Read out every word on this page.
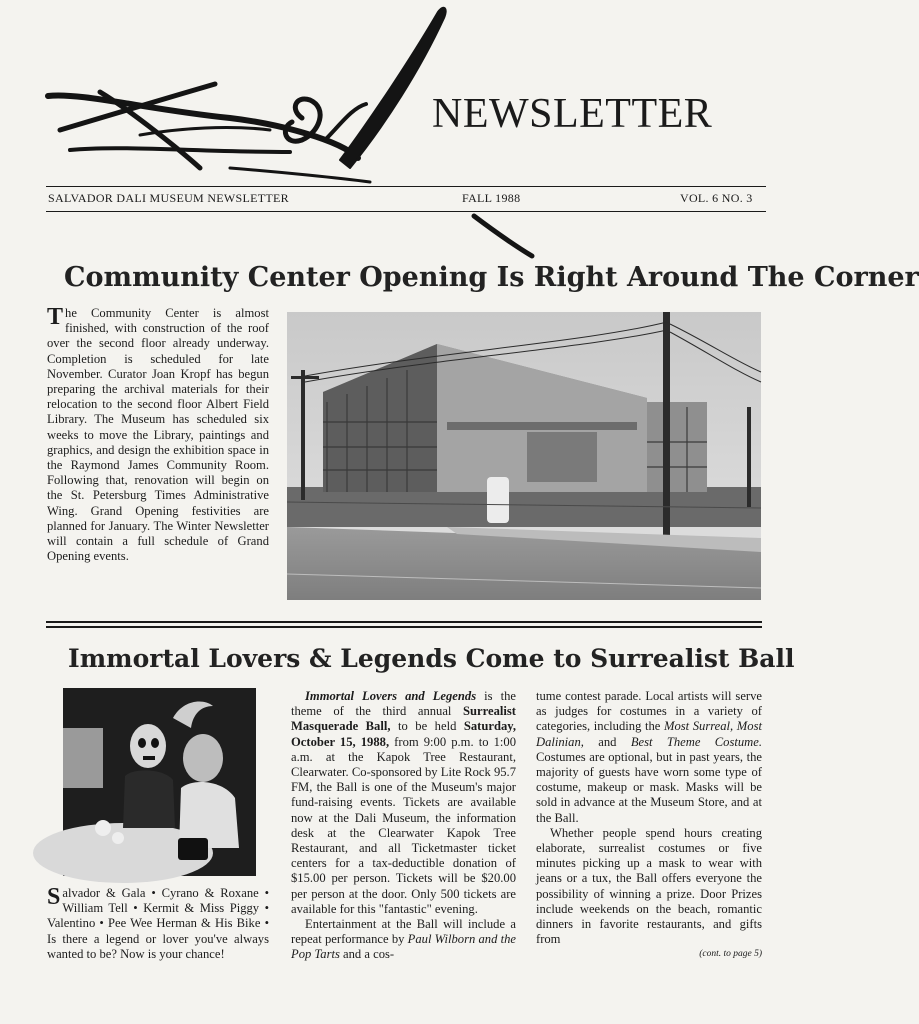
NEWSLETTER
SALVADOR DALI MUSEUM NEWSLETTER	FALL 1988	VOL. 6 NO. 3
Community Center Opening Is Right Around The Corner

The Community Center is almost finished, with construction of the roof over the second floor already underway. Completion is scheduled for late November. Curator Joan Kropf has begun preparing the archival materials for their relocation to the second floor Albert Field Library. The Museum has scheduled six weeks to move the Library, paintings and graphics, and design the exhibition space in the Raymond James Community Room. Following that, renovation will begin on the St. Petersburg Times Administrative Wing. Grand Opening festivities are planned for January. The Winter Newsletter will contain a full schedule of Grand Opening events.

Immortal Lovers & Legends Come to Surrealist Ball

Salvador & Gala • Cyrano & Roxane • William Tell • Kermit & Miss Piggy • Valentino • Pee Wee Herman & His Bike • Is there a legend or lover you've always wanted to be? Now is your chance!

Immortal Lovers and Legends is the theme of the third annual Surrealist Masquerade Ball, to be held Saturday, October 15, 1988, from 9:00 p.m. to 1:00 a.m. at the Kapok Tree Restaurant, Clearwater. Co-sponsored by Lite Rock 95.7 FM, the Ball is one of the Museum's major fund-raising events. Tickets are available now at the Dali Museum, the information desk at the Clearwater Kapok Tree Restaurant, and all Ticketmaster ticket centers for a tax-deductible donation of $15.00 per person. Tickets will be $20.00 per person at the door. Only 500 tickets are available for this "fantastic" evening.

Entertainment at the Ball will include a repeat performance by Paul Wilborn and the Pop Tarts and a cos-

tume contest parade. Local artists will serve as judges for costumes in a variety of categories, including the Most Surreal, Most Dalinian, and Best Theme Costume. Costumes are optional, but in past years, the majority of guests have worn some type of costume, makeup or mask. Masks will be sold in advance at the Museum Store, and at the Ball.

Whether people spend hours creating elaborate, surrealist costumes or five minutes picking up a mask to wear with jeans or a tux, the Ball offers everyone the possibility of winning a prize. Door Prizes include weekends on the beach, romantic dinners in favorite restaurants, and gifts from

(cont. to page 5)
